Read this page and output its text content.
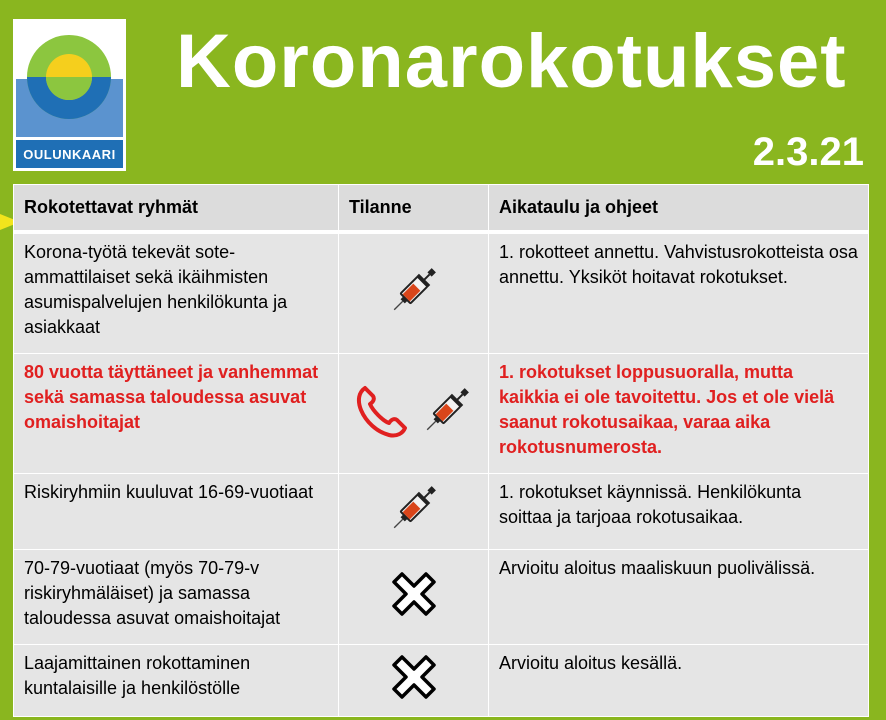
OULUNKAARI
Koronarokotukset
2.3.21
Rokotettavat ryhmät	Tilanne	Aikataulu ja ohjeet
Korona-työtä tekevät sote-ammattilaiset sekä ikäihmisten asumispalvelujen henkilökunta ja asiakkaat		1. rokotteet annettu. Vahvistusrokotteista osa annettu. Yksiköt hoitavat rokotukset.
80 vuotta täyttäneet ja vanhemmat sekä samassa taloudessa asuvat omaishoitajat		1. rokotukset loppusuoralla, mutta kaikkia ei ole tavoitettu. Jos et ole vielä saanut rokotusaikaa, varaa aika rokotusnumerosta.
Riskiryhmiin kuuluvat 16-69-vuotiaat		1. rokotukset käynnissä. Henkilökunta soittaa ja tarjoaa rokotusaikaa.
70-79-vuotiaat (myös 70-79-v riskiryhmäläiset) ja samassa taloudessa asuvat omaishoitajat		Arvioitu aloitus maaliskuun puolivälissä.
Laajamittainen rokottaminen kuntalaisille ja henkilöstölle		Arvioitu aloitus kesällä.
